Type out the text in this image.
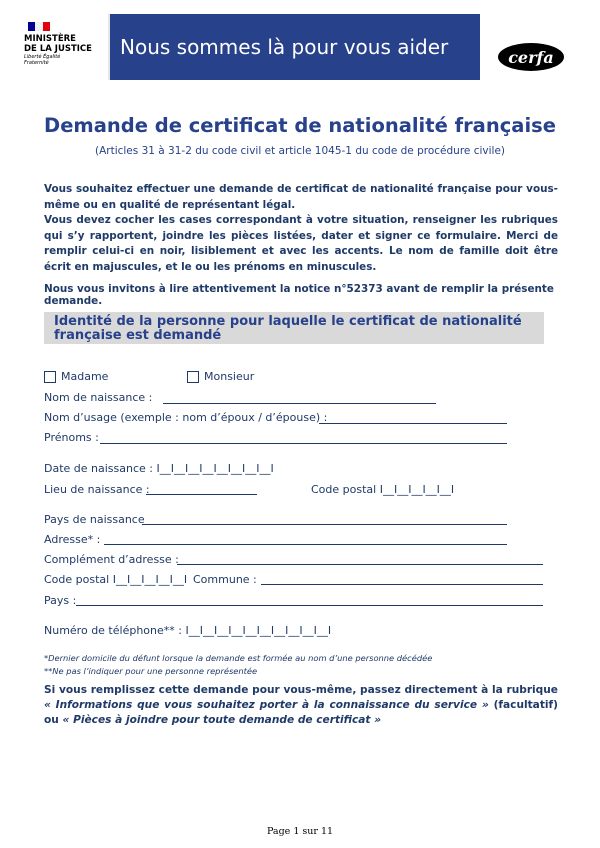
MINISTÈRE
DE LA JUSTICE
Liberté Égalité Fraternité
Nous sommes là pour vous aider	cerfa
Demande de certificat de nationalité française
(Articles 31 à 31-2 du code civil et article 1045-1 du code de procédure civile)

Vous souhaitez effectuer une demande de certificat de nationalité française pour vous-même ou en qualité de représentant légal.

Vous devez cocher les cases correspondant à votre situation, renseigner les rubriques qui s’y rapportent, joindre les pièces listées, dater et signer ce formulaire. Merci de remplir celui-ci en noir, lisiblement et avec les accents. Le nom de famille doit être écrit en majuscules, et le ou les prénoms en minuscules.

Nous vous invitons à lire attentivement la notice n°52373 avant de remplir la présente demande.
Identité de la personne pour laquelle le certificat de nationalité française est demandé
Madame	Monsieur
Nom de naissance :
Nom d’usage (exemple : nom d’époux / d’épouse) :
Prénoms :
Date de naissance : I__I__I__I__I__I__I__I__I
Lieu de naissance :	Code postal I__I__I__I__I__I
Pays de naissance
Adresse* :
Complément d’adresse :
Code postal I__I__I__I__I__I Commune :
Pays :
Numéro de téléphone** : I__I__I__I__I__I__I__I__I__I__I
*Dernier domicile du défunt lorsque la demande est formée au nom d’une personne décédée
**Ne pas l’indiquer pour une personne représentée
Si vous remplissez cette demande pour vous-même, passez directement à la rubrique « Informations que vous souhaitez porter à la connaissance du service » (facultatif) ou « Pièces à joindre pour toute demande de certificat »
Page 1 sur 11
